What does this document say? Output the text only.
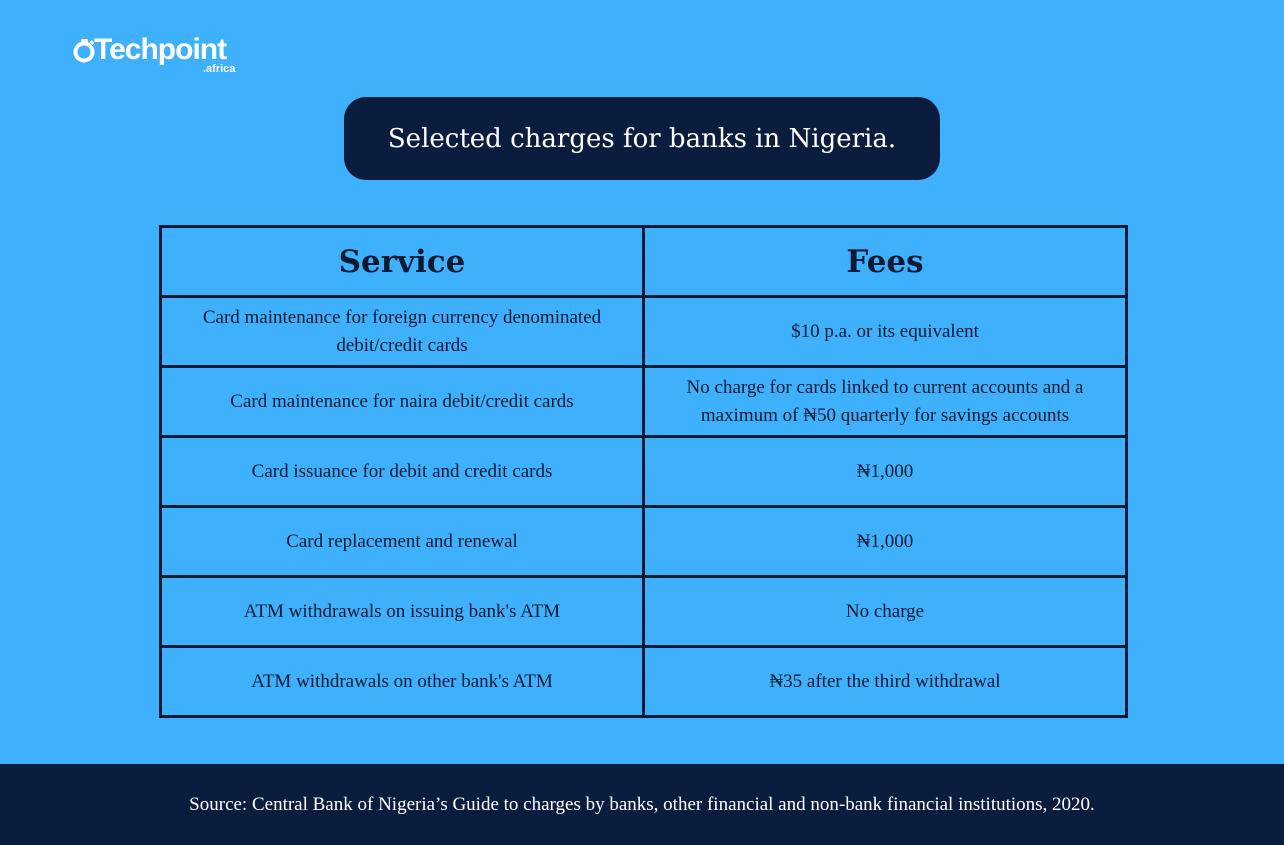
Techpoint
.africa
Selected charges for banks in Nigeria.
Service	Fees
Card maintenance for foreign currency denominated debit/credit cards	$10 p.a. or its equivalent
Card maintenance for naira debit/credit cards	No charge for cards linked to current accounts and a maximum of ₦50 quarterly for savings accounts
Card issuance for debit and credit cards	₦1,000
Card replacement and renewal	₦1,000
ATM withdrawals on issuing bank's ATM	No charge
ATM withdrawals on other bank's ATM	₦35 after the third withdrawal
Source: Central Bank of Nigeria’s Guide to charges by banks, other financial and non-bank financial institutions, 2020.
